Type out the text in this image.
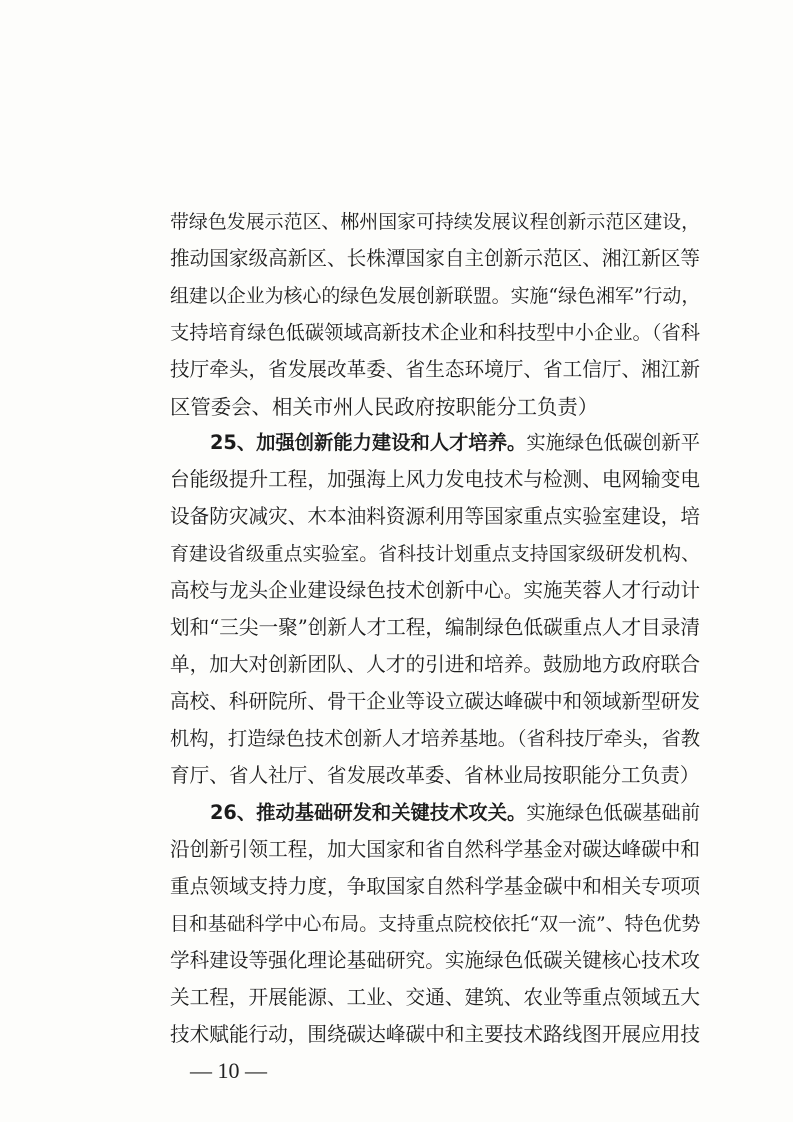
带绿色发展示范区、郴州国家可持续发展议程创新示范区建设，
推动国家级高新区、长株潭国家自主创新示范区、湘江新区等
组建以企业为核心的绿色发展创新联盟。实施“绿色湘军”行动，
支持培育绿色低碳领域高新技术企业和科技型中小企业。（省科
技厅牵头，省发展改革委、省生态环境厅、省工信厅、湘江新
区管委会、相关市州人民政府按职能分工负责）
25、加强创新能力建设和人才培养。实施绿色低碳创新平
台能级提升工程，加强海上风力发电技术与检测、电网输变电
设备防灾减灾、木本油料资源利用等国家重点实验室建设，培
育建设省级重点实验室。省科技计划重点支持国家级研发机构、
高校与龙头企业建设绿色技术创新中心。实施芙蓉人才行动计
划和“三尖一聚”创新人才工程，编制绿色低碳重点人才目录清
单，加大对创新团队、人才的引进和培养。鼓励地方政府联合
高校、科研院所、骨干企业等设立碳达峰碳中和领域新型研发
机构，打造绿色技术创新人才培养基地。（省科技厅牵头，省教
育厅、省人社厅、省发展改革委、省林业局按职能分工负责）
26、推动基础研发和关键技术攻关。实施绿色低碳基础前
沿创新引领工程，加大国家和省自然科学基金对碳达峰碳中和
重点领域支持力度，争取国家自然科学基金碳中和相关专项项
目和基础科学中心布局。支持重点院校依托“双一流”、特色优势
学科建设等强化理论基础研究。实施绿色低碳关键核心技术攻
关工程，开展能源、工业、交通、建筑、农业等重点领域五大
技术赋能行动，围绕碳达峰碳中和主要技术路线图开展应用技
— 10 —
